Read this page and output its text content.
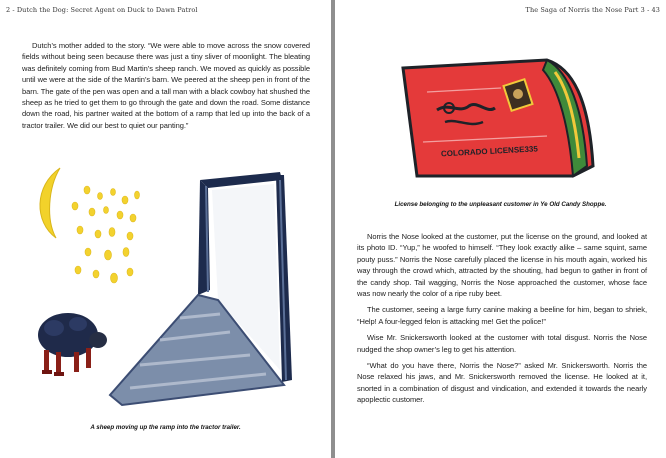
2 - Dutch the Dog: Secret Agent on Duck to Dawn Patrol

Dutch’s mother added to the story. “We were able to move across the snow covered fields without being seen because there was just a tiny sliver of moonlight. The bleating was definitely coming from Bud Martin’s sheep ranch. We moved as quickly as possible until we were at the side of the Martin’s barn. We peered at the sheep pen in front of the barn. The gate of the pen was open and a tall man with a black cowboy hat shushed the sheep as he tried to get them to go through the gate and down the road. Some distance down the road, his partner waited at the bottom of a ramp that led up into the back of a tractor trailer. We did our best to quiet our panting.”

A sheep moving up the ramp into the tractor trailer.
The Saga of Norris the Nose Part 3 - 43
COLORADO LICENSE335
License belonging to the unpleasant customer in Ye Old Candy Shoppe.

Norris the Nose looked at the customer, put the license on the ground, and looked at its photo ID. “Yup,” he woofed to himself. “They look exactly alike – same squint, same pouty puss.” Norris the Nose carefully placed the license in his mouth again, worked his way through the crowd which, attracted by the shouting, had begun to gather in front of the candy shop. Tail wagging, Norris the Nose approached the customer, whose face was now nearly the color of a ripe ruby beet.

The customer, seeing a large furry canine making a beeline for him, began to shriek, “Help! A four-legged felon is attacking me! Get the police!”

Wise Mr. Snickersworth looked at the customer with total disgust. Norris the Nose nudged the shop owner’s leg to get his attention.

“What do you have there, Norris the Nose?” asked Mr. Snickersworth. Norris the Nose relaxed his jaws, and Mr. Snickersworth removed the license. He looked at it, snorted in a combination of disgust and vindication, and extended it towards the nearly apoplectic customer.
